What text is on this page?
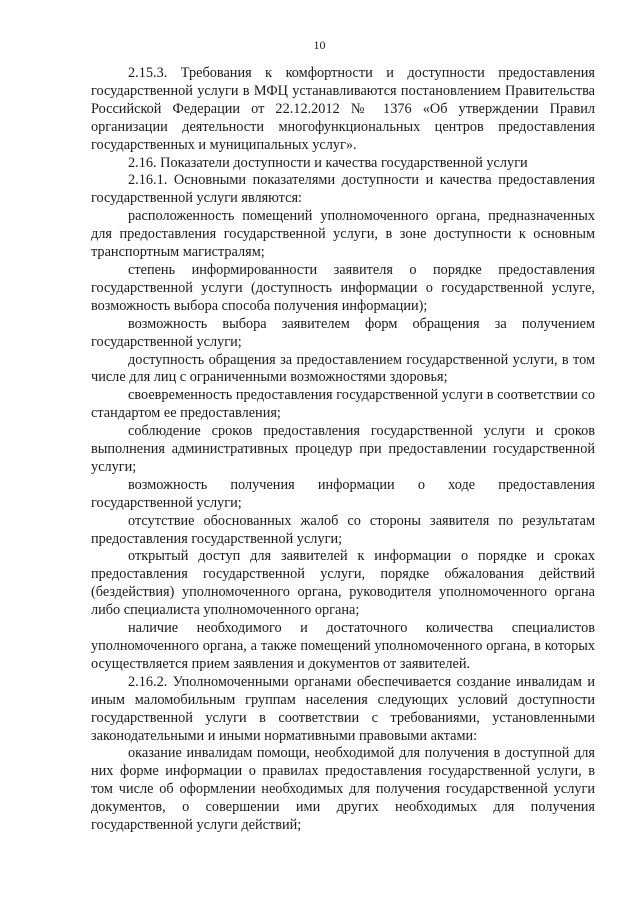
10

2.15.3. Требования к комфортности и доступности предоставления государственной услуги в МФЦ устанавливаются постановлением Правительства Российской Федерации от 22.12.2012 № 1376 «Об утверждении Правил организации деятельности многофункциональных центров предоставления государственных и муниципальных услуг».

2.16. Показатели доступности и качества государственной услуги

2.16.1. Основными показателями доступности и качества предоставления государственной услуги являются:

расположенность помещений уполномоченного органа, предназначенных для предоставления государственной услуги, в зоне доступности к основным транспортным магистралям;

степень информированности заявителя о порядке предоставления государственной услуги (доступность информации о государственной услуге, возможность выбора способа получения информации);

возможность выбора заявителем форм обращения за получением государственной услуги;

доступность обращения за предоставлением государственной услуги, в том числе для лиц с ограниченными возможностями здоровья;

своевременность предоставления государственной услуги в соответствии со стандартом ее предоставления;

соблюдение сроков предоставления государственной услуги и сроков выполнения административных процедур при предоставлении государственной услуги;

возможность получения информации о ходе предоставления государственной услуги;

отсутствие обоснованных жалоб со стороны заявителя по результатам предоставления государственной услуги;

открытый доступ для заявителей к информации о порядке и сроках предоставления государственной услуги, порядке обжалования действий (бездействия) уполномоченного органа, руководителя уполномоченного органа либо специалиста уполномоченного органа;

наличие необходимого и достаточного количества специалистов уполномоченного органа, а также помещений уполномоченного органа, в которых осуществляется прием заявления и документов от заявителей.

2.16.2. Уполномоченными органами обеспечивается создание инвалидам и иным маломобильным группам населения следующих условий доступности государственной услуги в соответствии с требованиями, установленными законодательными и иными нормативными правовыми актами:

оказание инвалидам помощи, необходимой для получения в доступной для них форме информации о правилах предоставления государственной услуги, в том числе об оформлении необходимых для получения государственной услуги документов, о совершении ими других необходимых для получения государственной услуги действий;
